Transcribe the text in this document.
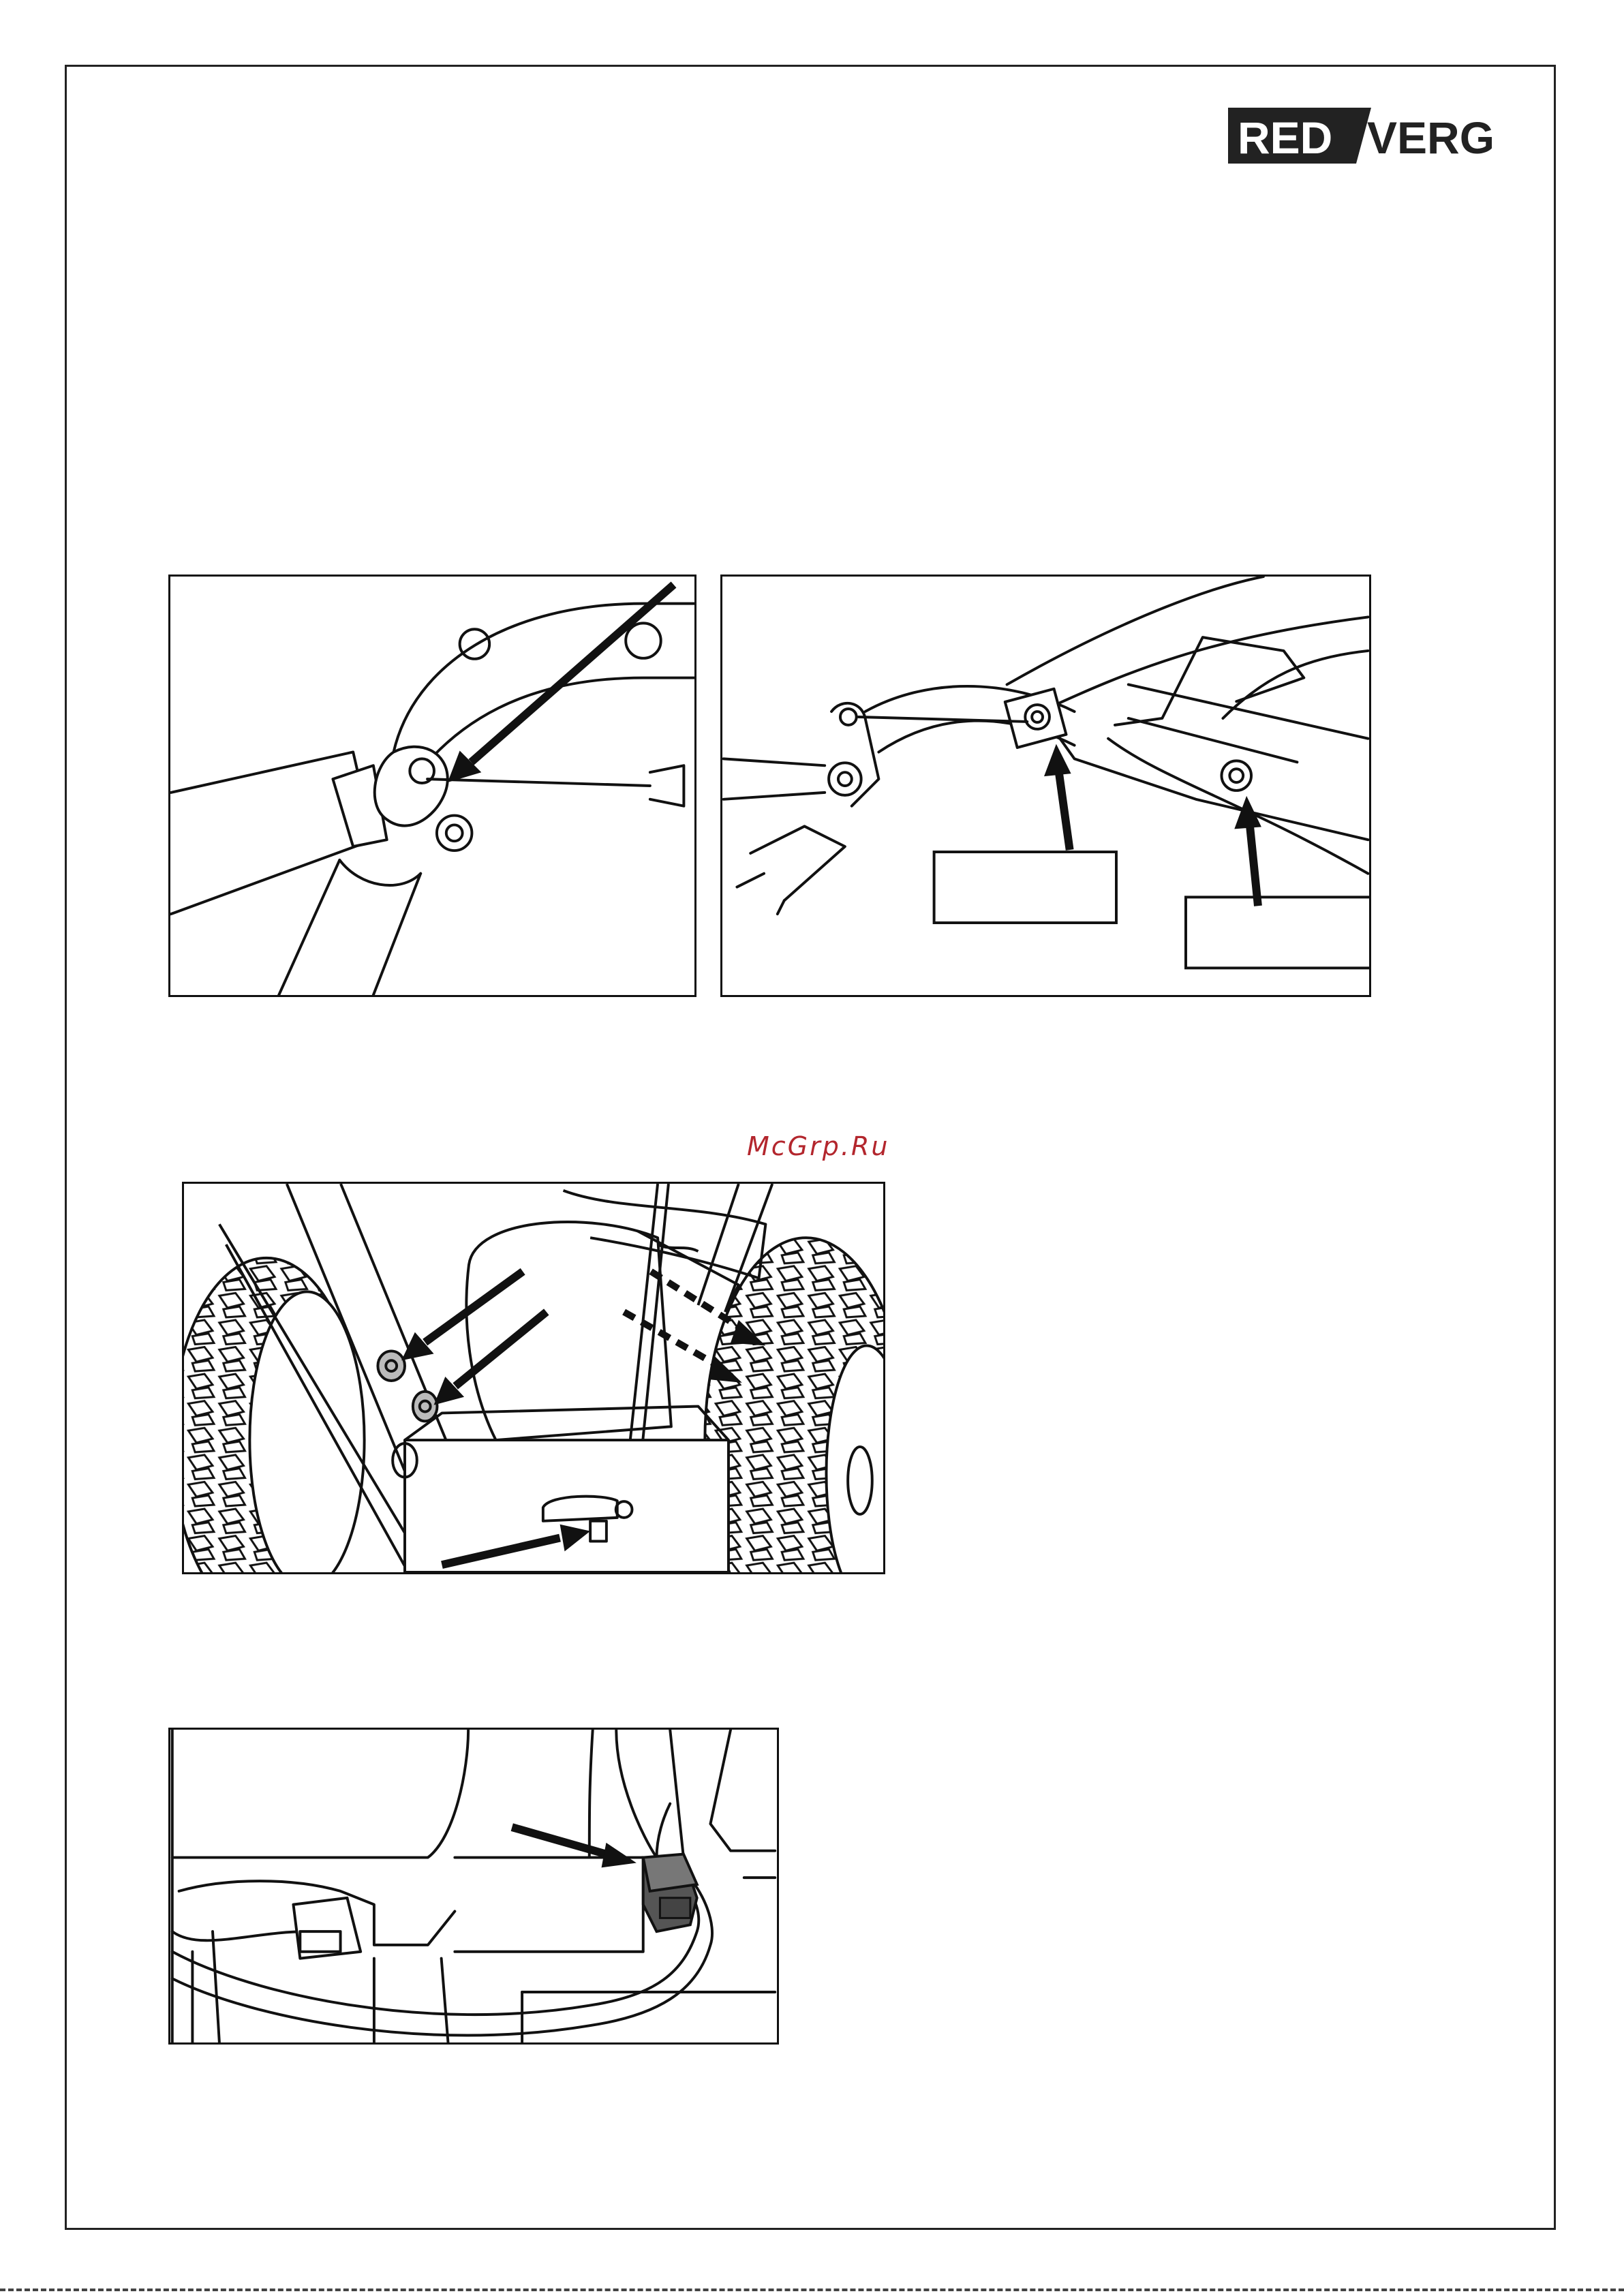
RED VERG
McGrp.Ru
